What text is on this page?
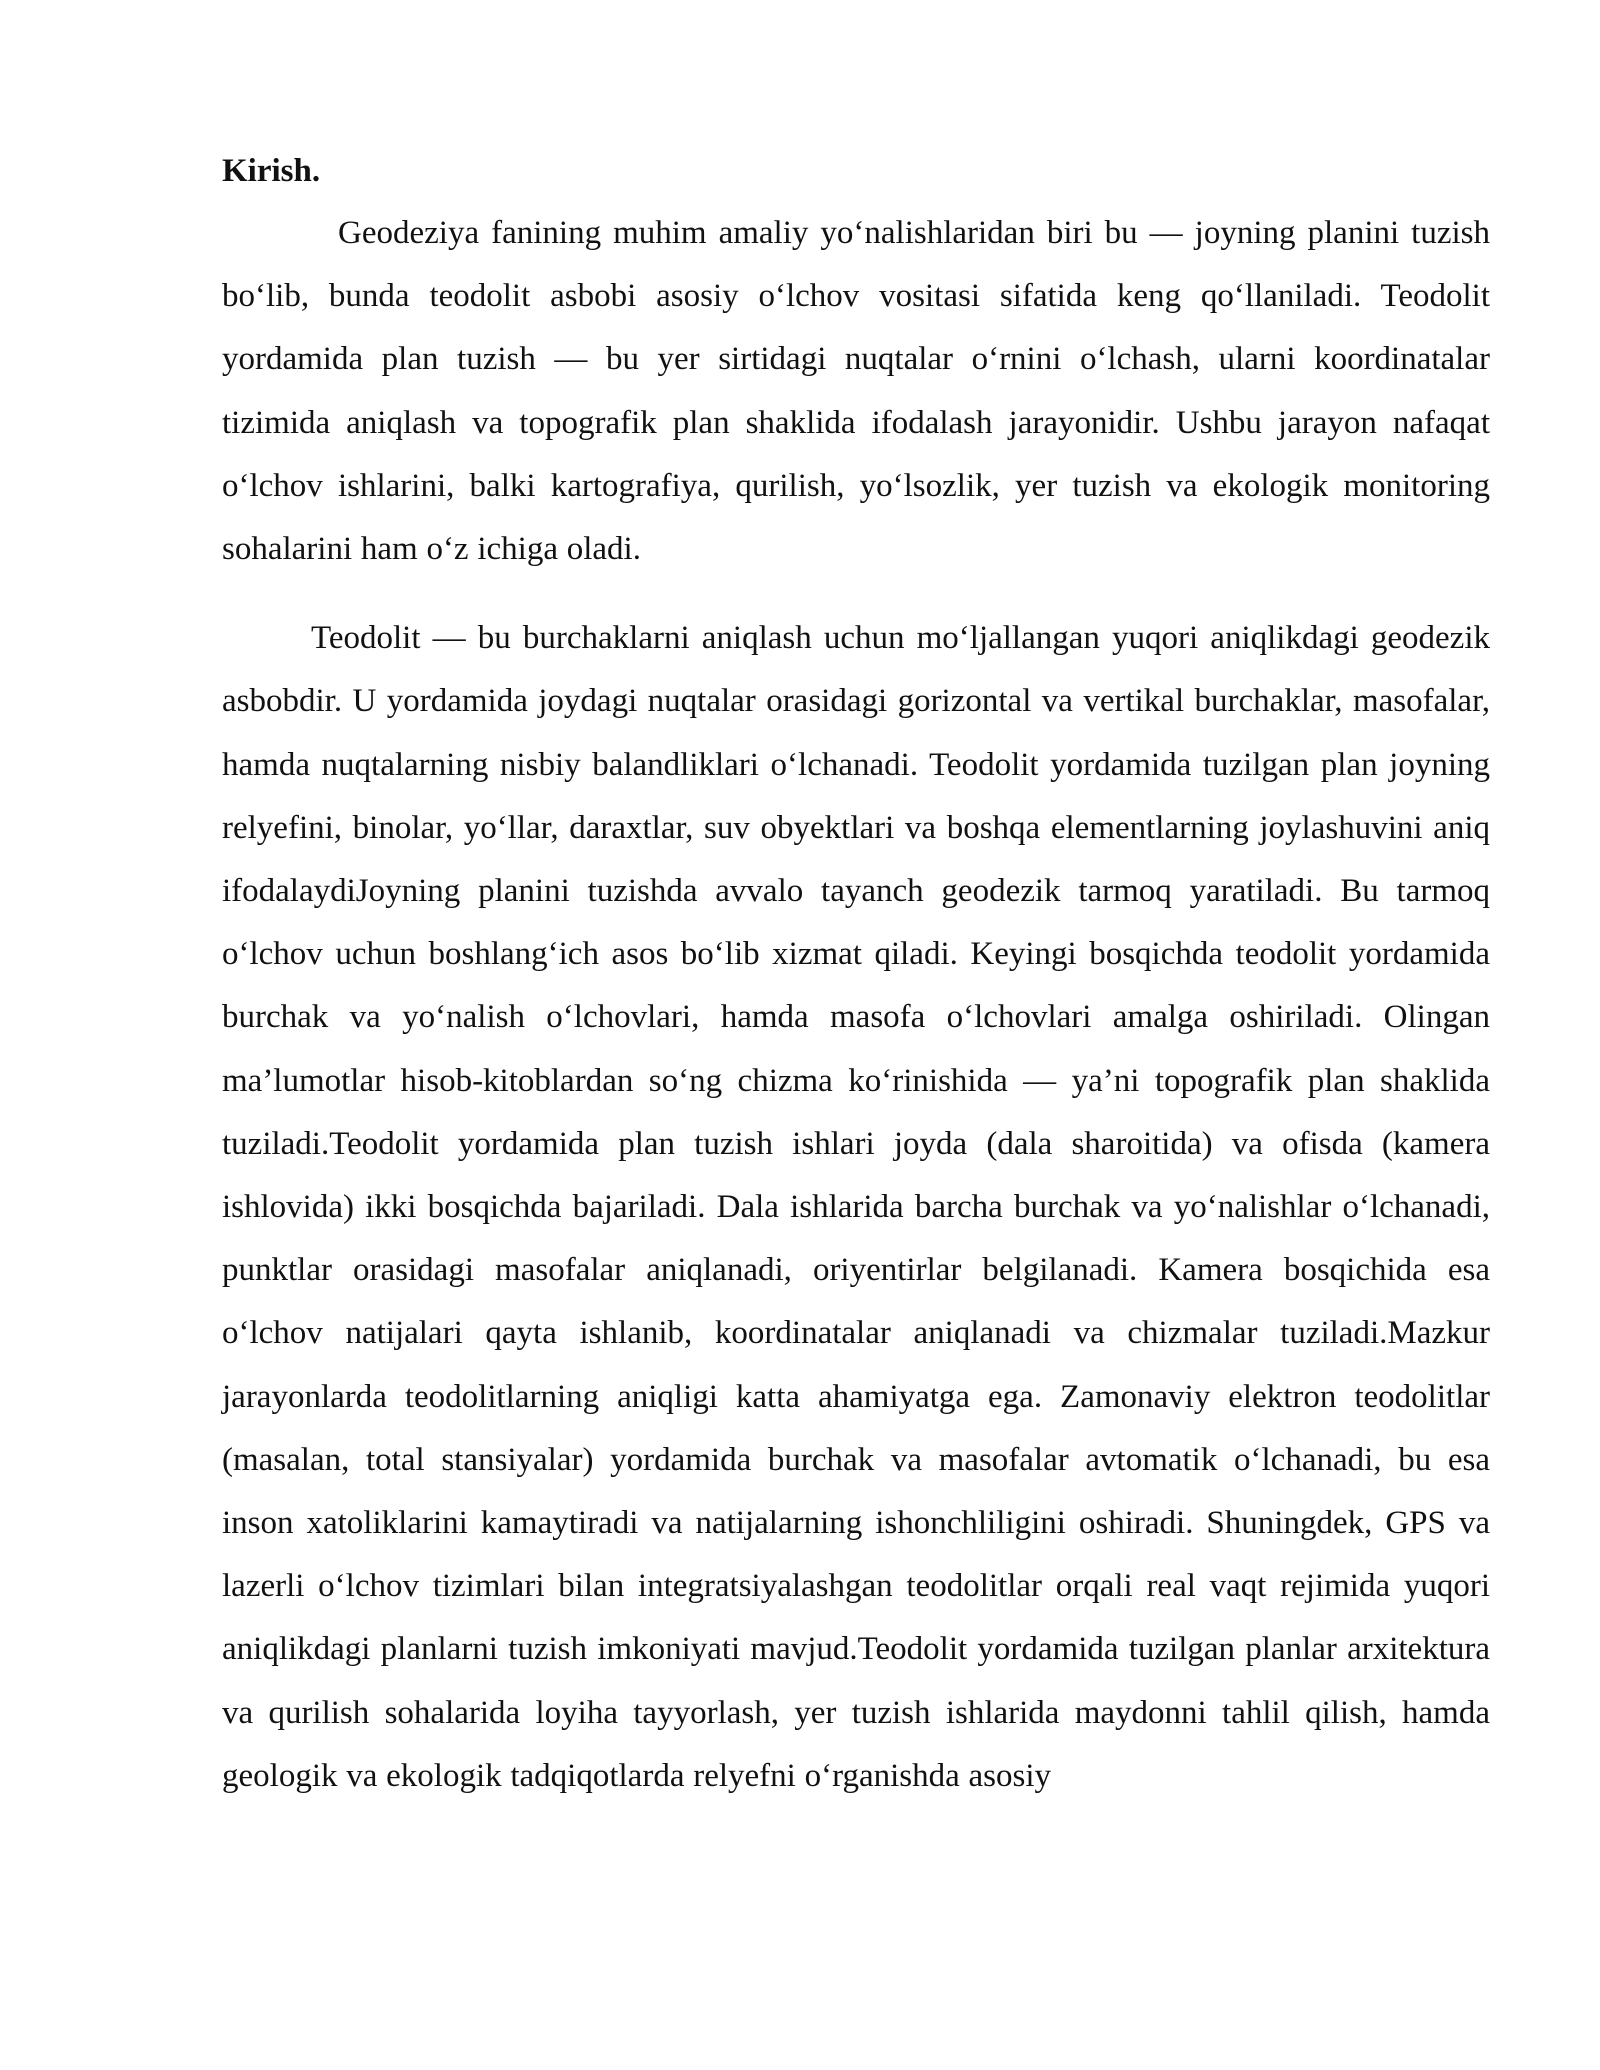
Kirish.

Geodeziya fanining muhim amaliy yo‘nalishlaridan biri bu — joyning planini tuzish bo‘lib, bunda teodolit asbobi asosiy o‘lchov vositasi sifatida keng qo‘llaniladi. Teodolit yordamida plan tuzish — bu yer sirtidagi nuqtalar o‘rnini o‘lchash, ularni koordinatalar tizimida aniqlash va topografik plan shaklida ifodalash jarayonidir. Ushbu jarayon nafaqat o‘lchov ishlarini, balki kartografiya, qurilish, yo‘lsozlik, yer tuzish va ekologik monitoring sohalarini ham o‘z ichiga oladi.

Teodolit — bu burchaklarni aniqlash uchun mo‘ljallangan yuqori aniqlikdagi geodezik asbobdir. U yordamida joydagi nuqtalar orasidagi gorizontal va vertikal burchaklar, masofalar, hamda nuqtalarning nisbiy balandliklari o‘lchanadi. Teodolit yordamida tuzilgan plan joyning relyefini, binolar, yo‘llar, daraxtlar, suv obyektlari va boshqa elementlarning joylashuvini aniq ifodalaydiJoyning planini tuzishda avvalo tayanch geodezik tarmoq yaratiladi. Bu tarmoq o‘lchov uchun boshlang‘ich asos bo‘lib xizmat qiladi. Keyingi bosqichda teodolit yordamida burchak va yo‘nalish o‘lchovlari, hamda masofa o‘lchovlari amalga oshiriladi. Olingan ma’lumotlar hisob-kitoblardan so‘ng chizma ko‘rinishida — ya’ni topografik plan shaklida tuziladi.Teodolit yordamida plan tuzish ishlari joyda (dala sharoitida) va ofisda (kamera ishlovida) ikki bosqichda bajariladi. Dala ishlarida barcha burchak va yo‘nalishlar o‘lchanadi, punktlar orasidagi masofalar aniqlanadi, oriyentirlar belgilanadi. Kamera bosqichida esa o‘lchov natijalari qayta ishlanib, koordinatalar aniqlanadi va chizmalar tuziladi.Mazkur jarayonlarda teodolitlarning aniqligi katta ahamiyatga ega. Zamonaviy elektron teodolitlar (masalan, total stansiyalar) yordamida burchak va masofalar avtomatik o‘lchanadi, bu esa inson xatoliklarini kamaytiradi va natijalarning ishonchliligini oshiradi. Shuningdek, GPS va lazerli o‘lchov tizimlari bilan integratsiyalashgan teodolitlar orqali real vaqt rejimida yuqori aniqlikdagi planlarni tuzish imkoniyati mavjud.Teodolit yordamida tuzilgan planlar arxitektura va qurilish sohalarida loyiha tayyorlash, yer tuzish ishlarida maydonni tahlil qilish, hamda geologik va ekologik tadqiqotlarda relyefni o‘rganishda asosiy
